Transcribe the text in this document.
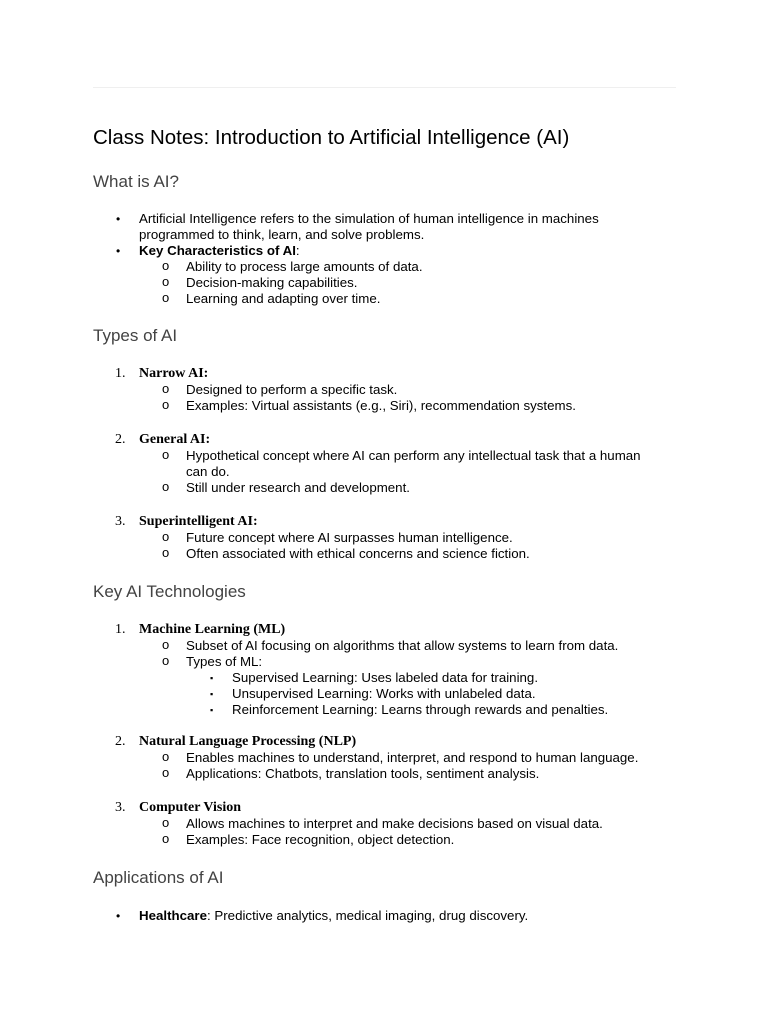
Class Notes: Introduction to Artificial Intelligence (AI)
What is AI?
• Artificial Intelligence refers to the simulation of human intelligence in machines
programmed to think, learn, and solve problems.
• Key Characteristics of AI:
o Ability to process large amounts of data.
o Decision-making capabilities.
o Learning and adapting over time.
Types of AI
1. Narrow AI:
o Designed to perform a specific task.
o Examples: Virtual assistants (e.g., Siri), recommendation systems.
2. General AI:
o Hypothetical concept where AI can perform any intellectual task that a human
can do.
o Still under research and development.
3. Superintelligent AI:
o Future concept where AI surpasses human intelligence.
o Often associated with ethical concerns and science fiction.
Key AI Technologies
1. Machine Learning (ML)
o Subset of AI focusing on algorithms that allow systems to learn from data.
o Types of ML:
▪ Supervised Learning: Uses labeled data for training.
▪ Unsupervised Learning: Works with unlabeled data.
▪ Reinforcement Learning: Learns through rewards and penalties.
2. Natural Language Processing (NLP)
o Enables machines to understand, interpret, and respond to human language.
o Applications: Chatbots, translation tools, sentiment analysis.
3. Computer Vision
o Allows machines to interpret and make decisions based on visual data.
o Examples: Face recognition, object detection.
Applications of AI
• Healthcare: Predictive analytics, medical imaging, drug discovery.
